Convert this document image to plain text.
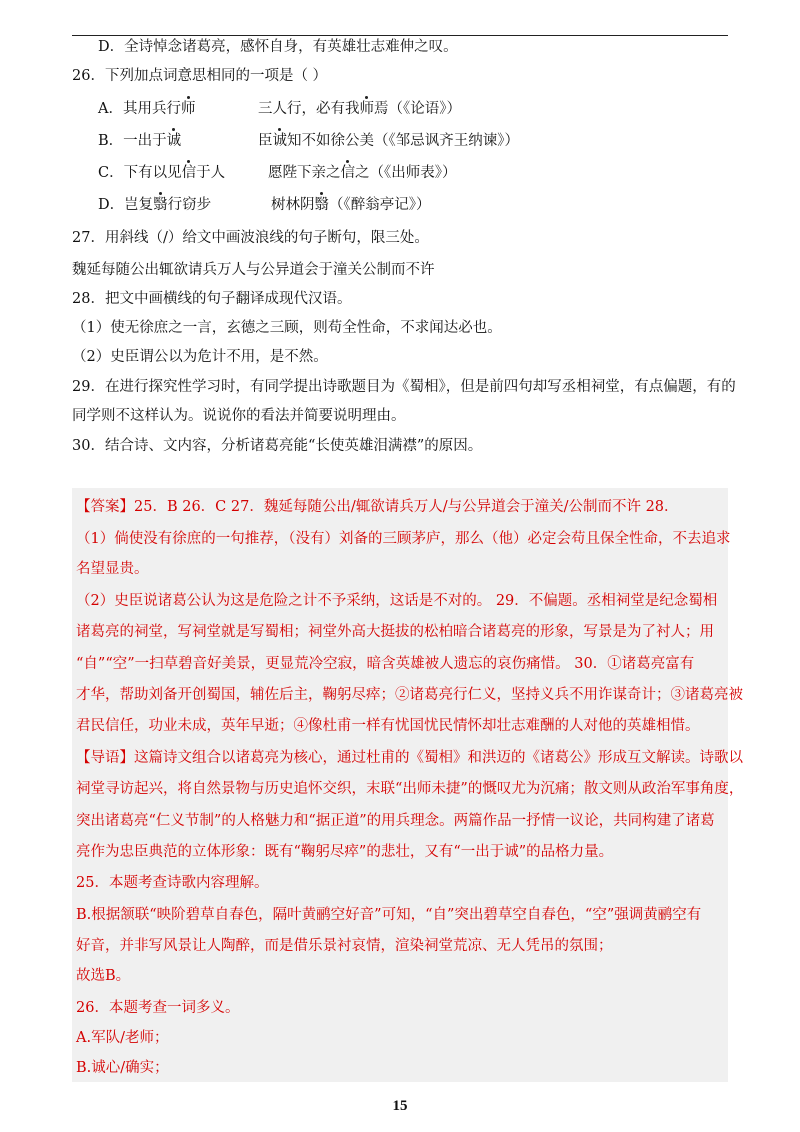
D．全诗悼念诸葛亮，感怀自身，有英雄壮志难伸之叹。
26．下列加点词意思相同的一项是（ ）
A．其用兵行师	三人行，必有我师焉（《论语》）
B．一出于诚	臣诚知不如徐公美（《邹忌讽齐王纳谏》）
C．下有以见信于人	愿陛下亲之信之（《出师表》）
D．岂复翳行窃步	树林阴翳（《醉翁亭记》）
27．用斜线（/）给文中画波浪线的句子断句，限三处。
魏延每随公出辄欲请兵万人与公异道会于潼关公制而不许
28．把文中画横线的句子翻译成现代汉语。
（1）使无徐庶之一言，玄德之三顾，则苟全性命，不求闻达必也。
（2）史臣谓公以为危计不用，是不然。
29．在进行探究性学习时，有同学提出诗歌题目为《蜀相》，但是前四句却写丞相祠堂，有点偏题，有的
同学则不这样认为。说说你的看法并简要说明理由。
30．结合诗、文内容，分析诸葛亮能“长使英雄泪满襟”的原因。
【答案】25．B 26．C 27．魏延每随公出/辄欲请兵万人/与公异道会于潼关/公制而不许 28．
（1）倘使没有徐庶的一句推荐，（没有）刘备的三顾茅庐，那么（他）必定会苟且保全性命，不去追求
名望显贵。
（2）史臣说诸葛公认为这是危险之计不予采纳，这话是不对的。 29．不偏题。丞相祠堂是纪念蜀相
诸葛亮的祠堂，写祠堂就是写蜀相；祠堂外高大挺拔的松柏暗合诸葛亮的形象，写景是为了衬人；用
“自”“空”一扫草碧音好美景，更显荒冷空寂，暗含英雄被人遗忘的哀伤痛惜。 30．①诸葛亮富有
才华，帮助刘备开创蜀国，辅佐后主，鞠躬尽瘁；②诸葛亮行仁义，坚持义兵不用诈谋奇计；③诸葛亮被
君民信任，功业未成，英年早逝；④像杜甫一样有忧国忧民情怀却壮志难酬的人对他的英雄相惜。
【导语】这篇诗文组合以诸葛亮为核心，通过杜甫的《蜀相》和洪迈的《诸葛公》形成互文解读。诗歌以
祠堂寻访起兴，将自然景物与历史追怀交织，末联“出师未捷”的慨叹尤为沉痛；散文则从政治军事角度，
突出诸葛亮“仁义节制”的人格魅力和“据正道”的用兵理念。两篇作品一抒情一议论，共同构建了诸葛
亮作为忠臣典范的立体形象：既有“鞠躬尽瘁”的悲壮，又有“一出于诚”的品格力量。
25．本题考查诗歌内容理解。
B.根据颔联“映阶碧草自春色，隔叶黄鹂空好音”可知，“自”突出碧草空自春色，“空”强调黄鹂空有
好音，并非写风景让人陶醉，而是借乐景衬哀情，渲染祠堂荒凉、无人凭吊的氛围；
故选B。
26．本题考查一词多义。
A.军队/老师；
B.诚心/确实；
15
